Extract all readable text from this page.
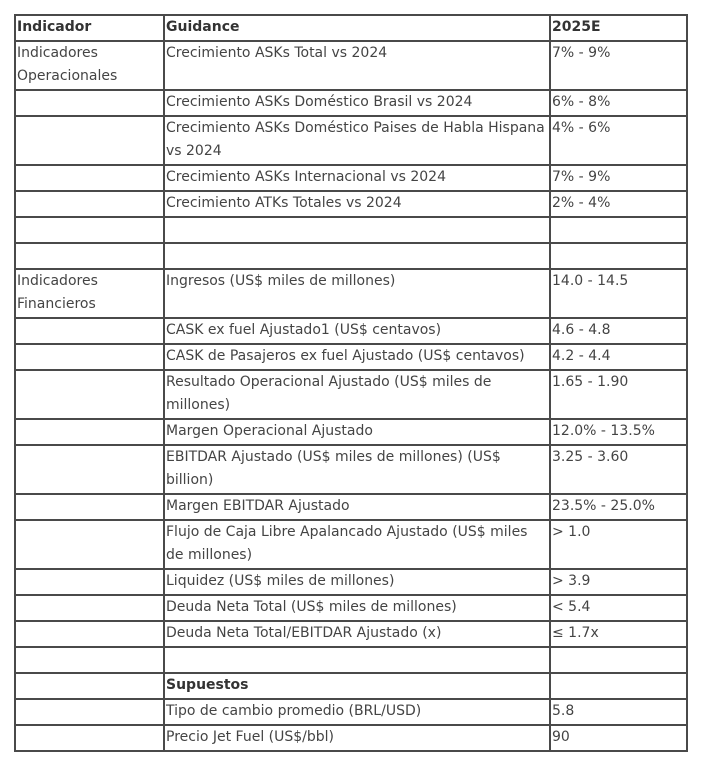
Indicador	Guidance	2025E
Indicadores Operacionales	Crecimiento ASKs Total vs 2024	7% - 9%
	Crecimiento ASKs Doméstico Brasil vs 2024	6% - 8%
	Crecimiento ASKs Doméstico Paises de Habla Hispana vs 2024	4% - 6%
	Crecimiento ASKs Internacional vs 2024	7% - 9%
	Crecimiento ATKs Totales vs 2024	2% - 4%

Indicadores Financieros	Ingresos (US$ miles de millones)	14.0 - 14.5
	CASK ex fuel Ajustado1 (US$ centavos)	4.6 - 4.8
	CASK de Pasajeros ex fuel Ajustado (US$ centavos)	4.2 - 4.4
	Resultado Operacional Ajustado (US$ miles de millones)	1.65 - 1.90
	Margen Operacional Ajustado	12.0% - 13.5%
	EBITDAR Ajustado (US$ miles de millones) (US$ billion)	3.25 - 3.60
	Margen EBITDAR Ajustado	23.5% - 25.0%
	Flujo de Caja Libre Apalancado Ajustado (US$ miles de millones)	> 1.0
	Liquidez (US$ miles de millones)	> 3.9
	Deuda Neta Total (US$ miles de millones)	< 5.4
	Deuda Neta Total/EBITDAR Ajustado (x)	≤ 1.7x

	Supuestos	
	Tipo de cambio promedio (BRL/USD)	5.8
	Precio Jet Fuel (US$/bbl)	90
